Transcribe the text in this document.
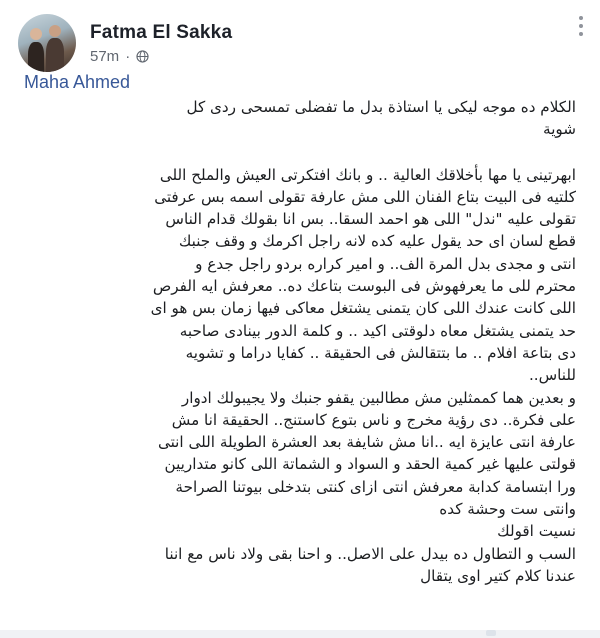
Fatma El Sakka
57m ·
Maha Ahmed

الكلام ده موجه ليكى يا استاذة بدل ما تفضلى تمسحى ردى كل
شوية

ابهرتينى يا مها بأخلاقك العالية .. و بانك افتكرتى العيش والملح اللى
كلتيه فى البيت بتاع الفنان اللى مش عارفة تقولى اسمه بس عرفتى
تقولى عليه "ندل" اللى هو احمد السقا.. بس انا بقولك قدام الناس
قطع لسان اى حد يقول عليه كده لانه راجل اكرمك و وقف جنبك
انتى و مجدى بدل المرة الف.. و امير كراره بردو راجل جدع و
محترم للى ما يعرفهوش فى البوست بتاعك ده.. معرفش ايه الفرص
اللى كانت عندك اللى كان يتمنى يشتغل معاكى فيها زمان بس هو اى
حد يتمنى يشتغل معاه دلوقتى اكيد .. و كلمة الدور بينادى صاحبه
دى بتاعة افلام .. ما بتتقالش فى الحقيقة .. كفايا دراما و تشويه
للناس..

و بعدين هما كممثلين مش مطالبين يقفو جنبك ولا يجيبولك ادوار
على فكرة.. دى رؤية مخرج و ناس بتوع كاستنج.. الحقيقة انا مش
عارفة انتى عايزة ايه ..انا مش شايفة بعد العشرة الطويلة اللى انتى
قولتى عليها غير كمية الحقد و السواد و الشماتة اللى كانو متداريين
ورا ابتسامة كدابة معرفش انتى ازاى كنتى بتدخلى بيوتنا الصراحة
وانتى ست وحشة كده
نسيت اقولك
السب و التطاول ده بيدل على الاصل.. و احنا بقى ولاد ناس مع اننا
عندنا كلام كتير اوى يتقال
